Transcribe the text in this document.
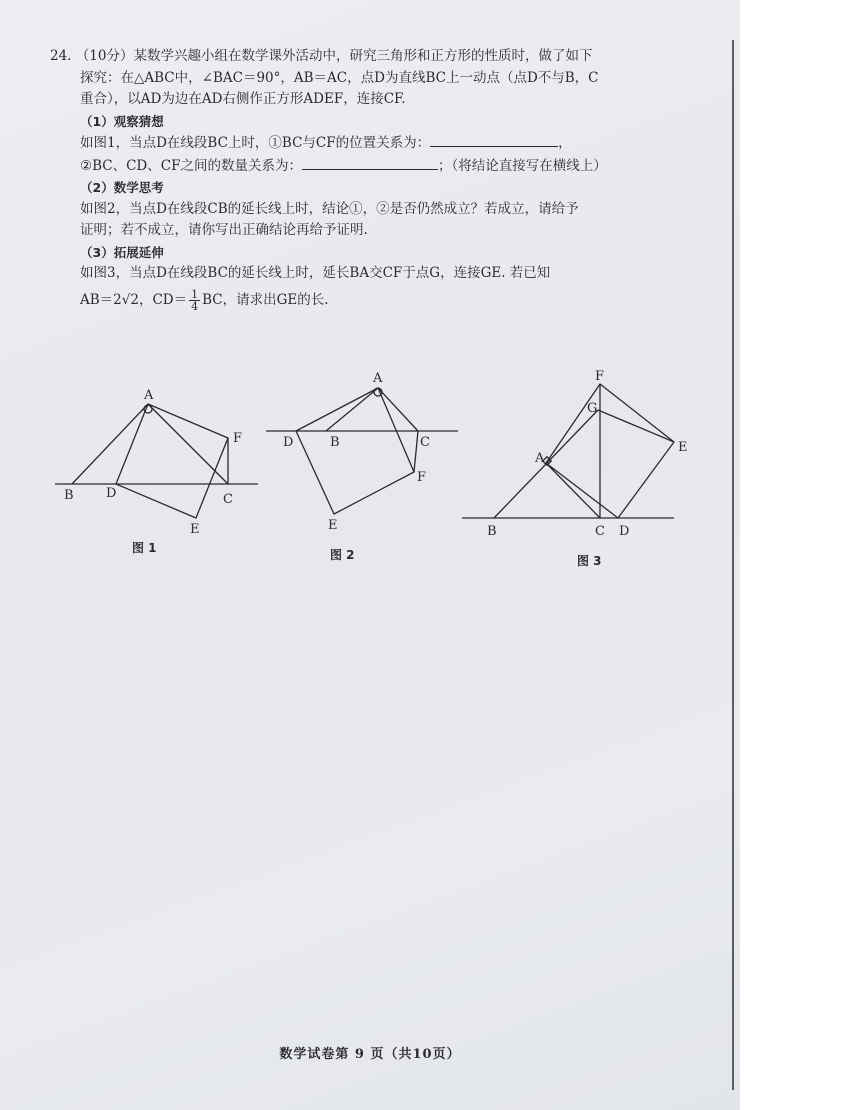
24. （10分）某数学兴趣小组在数学课外活动中，研究三角形和正方形的性质时，做了如下

探究：在△ABC中，∠BAC＝90°，AB＝AC，点D为直线BC上一动点（点D不与B，C

重合），以AD为边在AD右侧作正方形ADEF，连接CF.

（1）观察猜想

如图1，当点D在线段BC上时，①BC与CF的位置关系为：	，

②BC、CD、CF之间的数量关系为：	；（将结论直接写在横线上）

（2）数学思考

如图2，当点D在线段CB的延长线上时，结论①，②是否仍然成立？若成立，请给予

证明；若不成立，请你写出正确结论再给予证明.

（3）拓展延伸

如图3，当点D在线段BC的延长线上时，延长BA交CF于点G，连接GE. 若已知

AB＝2√2，$CD= \frac{1}{4}$ BC，请求出GE的长.

A
B D	C
E
F
A
D	B	C
F
E
F
G
E
A
B	C D
图 1	图 2	图 3
数学试卷第 9 页（共10页）
